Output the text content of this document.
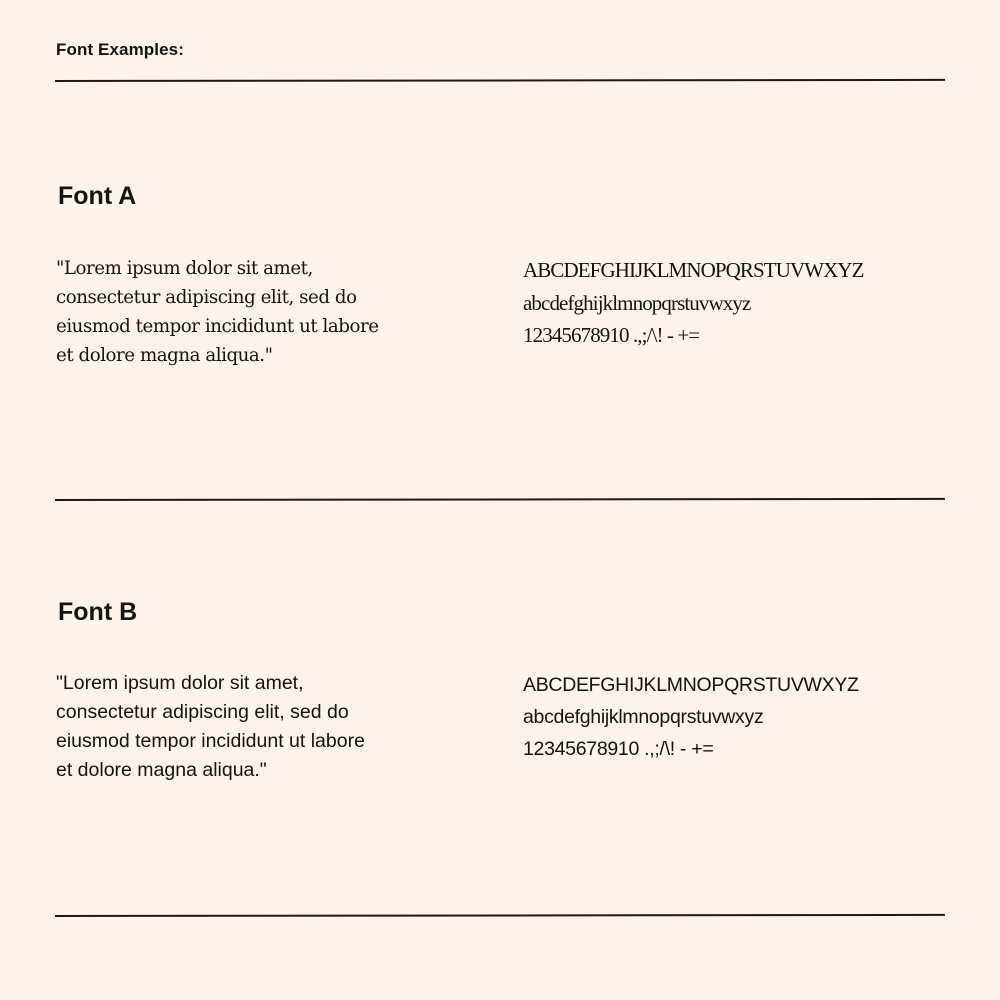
Font Examples:
Font A
"Lorem ipsum dolor sit amet,
consectetur adipiscing elit, sed do
eiusmod tempor incididunt ut labore
et dolore magna aliqua."
ABCDEFGHIJKLMNOPQRSTUVWXYZ
abcdefghijklmnopqrstuvwxyz
12345678910 .,;/\! - +=
Font B
"Lorem ipsum dolor sit amet,
consectetur adipiscing elit, sed do
eiusmod tempor incididunt ut labore
et dolore magna aliqua."
ABCDEFGHIJKLMNOPQRSTUVWXYZ
abcdefghijklmnopqrstuvwxyz
12345678910 .,;/\! - +=
